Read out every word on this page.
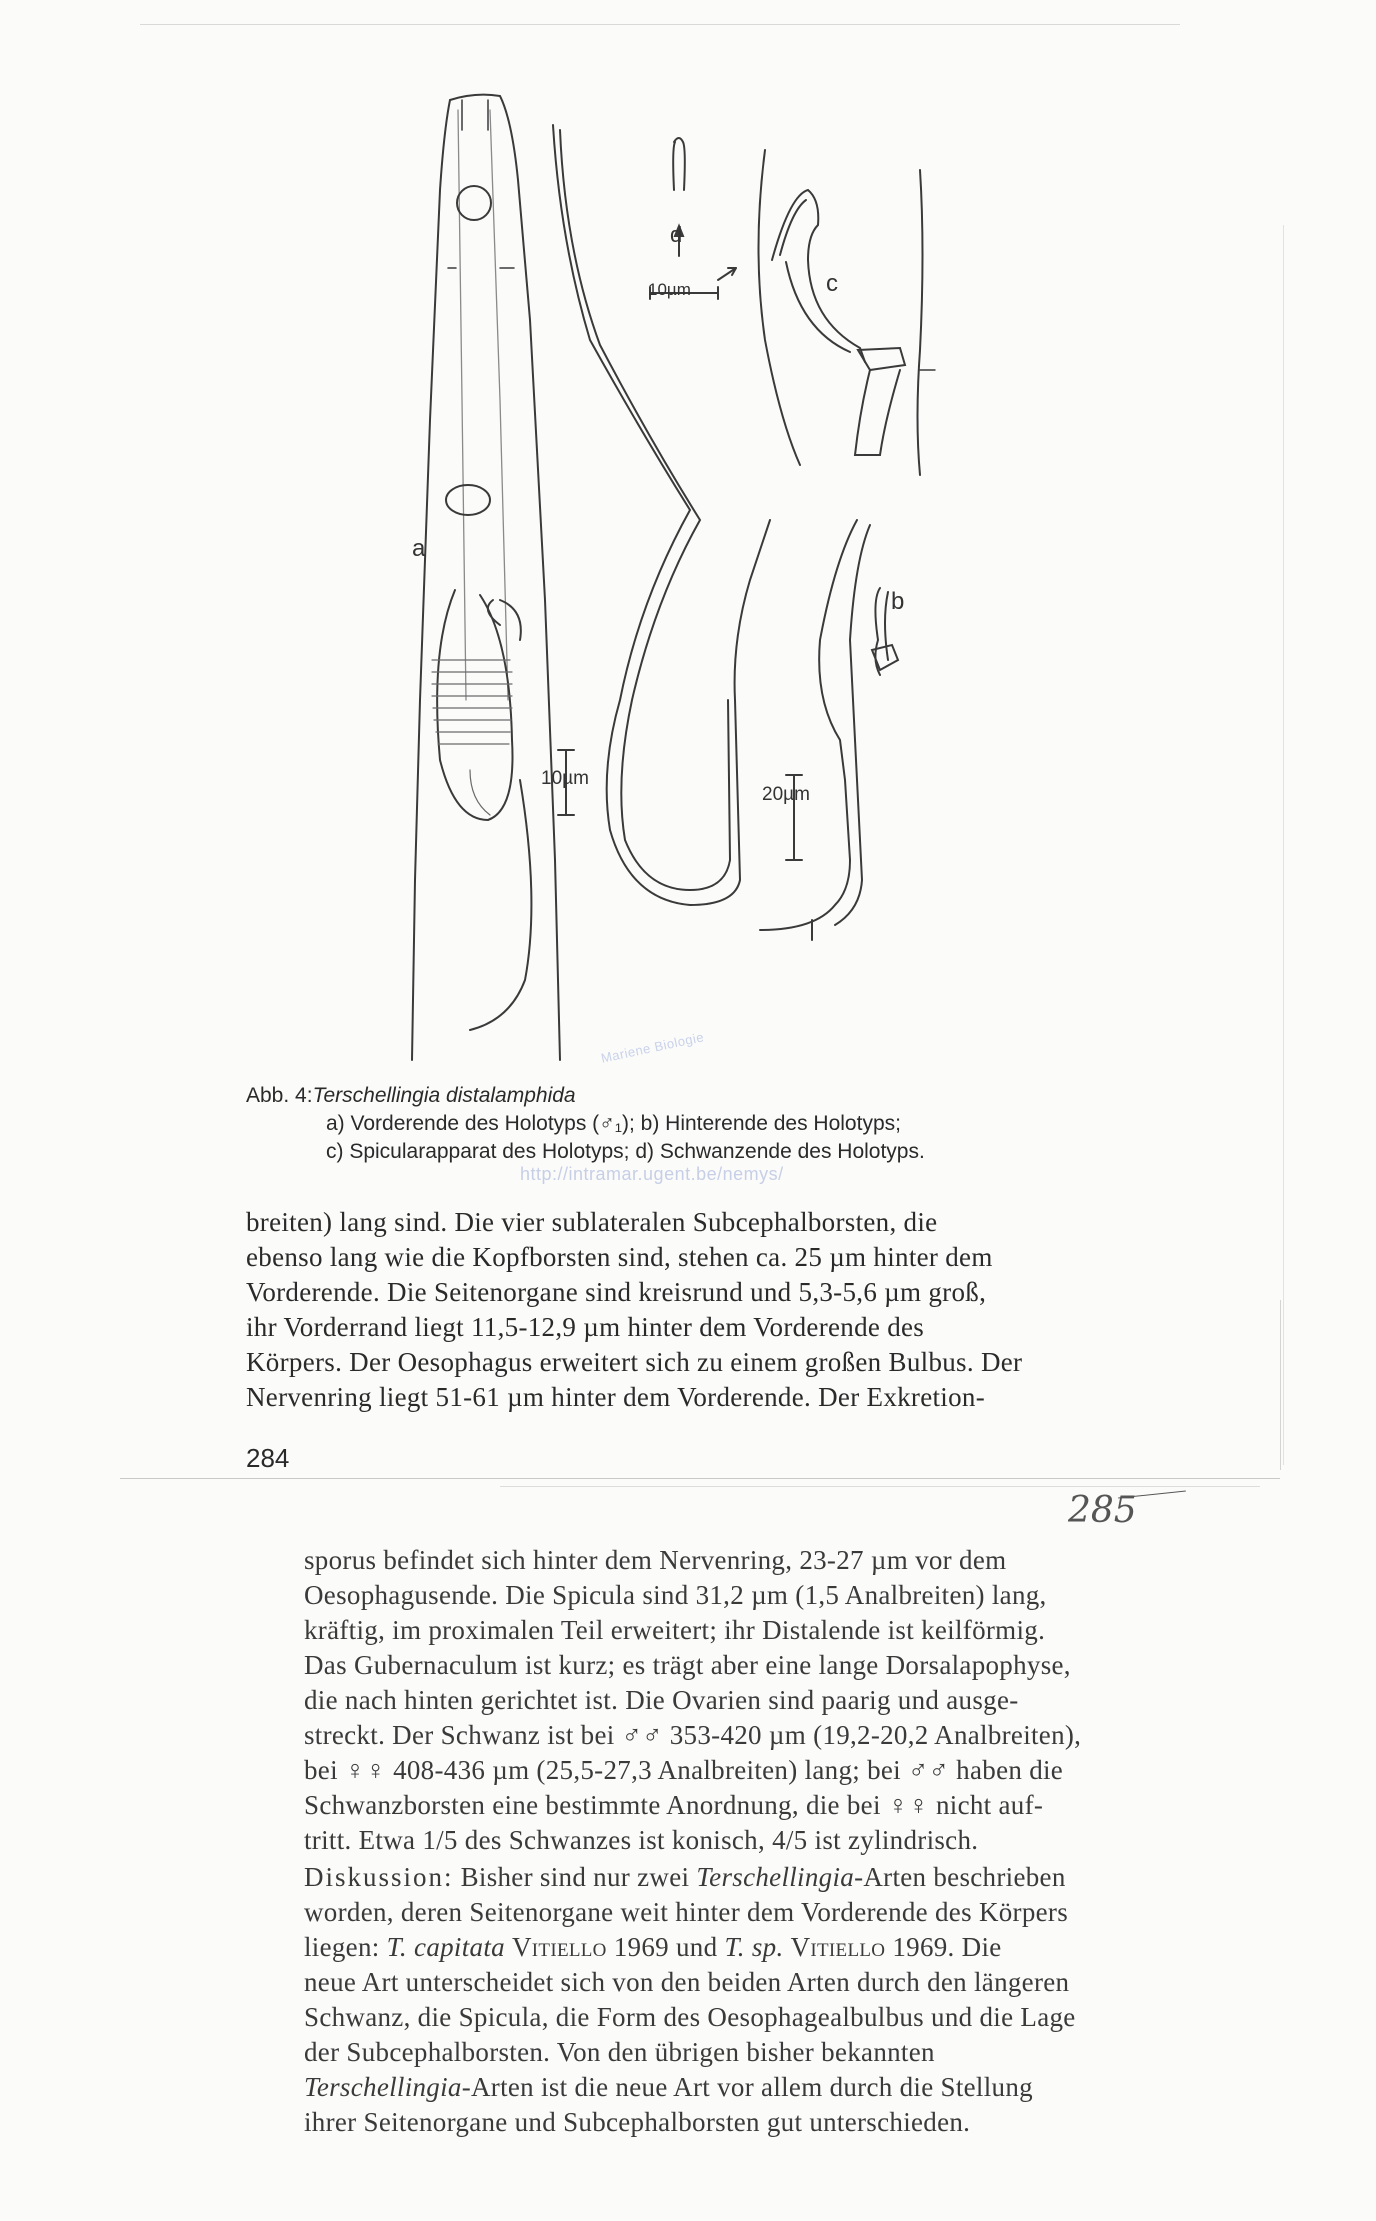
a
b
c
d
10µm
10µm
20µm
Abb. 4:Terschellingia distalamphida
a) Vorderende des Holotyps (♂₁); b) Hinterende des Holotyps;
c) Spicularapparat des Holotyps; d) Schwanzende des Holotyps.
http://intramar.ugent.be/nemys/
Mariene Biologie
breiten) lang sind. Die vier sublateralen Subcephalborsten, die
ebenso lang wie die Kopfborsten sind, stehen ca. 25 µm hinter dem
Vorderende. Die Seitenorgane sind kreisrund und 5,3-5,6 µm groß,
ihr Vorderrand liegt 11,5-12,9 µm hinter dem Vorderende des
Körpers. Der Oesophagus erweitert sich zu einem großen Bulbus. Der
Nervenring liegt 51-61 µm hinter dem Vorderende. Der Exkretion-
284
285
sporus befindet sich hinter dem Nervenring, 23-27 µm vor dem
Oesophagusende. Die Spicula sind 31,2 µm (1,5 Analbreiten) lang,
kräftig, im proximalen Teil erweitert; ihr Distalende ist keilförmig.
Das Gubernaculum ist kurz; es trägt aber eine lange Dorsalapophyse,
die nach hinten gerichtet ist. Die Ovarien sind paarig und ausge-
streckt. Der Schwanz ist bei ♂♂ 353-420 µm (19,2-20,2 Analbreiten),
bei ♀♀ 408-436 µm (25,5-27,3 Analbreiten) lang; bei ♂♂ haben die
Schwanzborsten eine bestimmte Anordnung, die bei ♀♀ nicht auf-
tritt. Etwa 1/5 des Schwanzes ist konisch, 4/5 ist zylindrisch.
Diskussion: Bisher sind nur zwei Terschellingia-Arten beschrieben
worden, deren Seitenorgane weit hinter dem Vorderende des Körpers
liegen: T. capitata Vitiello 1969 und T. sp. Vitiello 1969. Die
neue Art unterscheidet sich von den beiden Arten durch den längeren
Schwanz, die Spicula, die Form des Oesophagealbulbus und die Lage
der Subcephalborsten. Von den übrigen bisher bekannten
Terschellingia-Arten ist die neue Art vor allem durch die Stellung
ihrer Seitenorgane und Subcephalborsten gut unterschieden.
